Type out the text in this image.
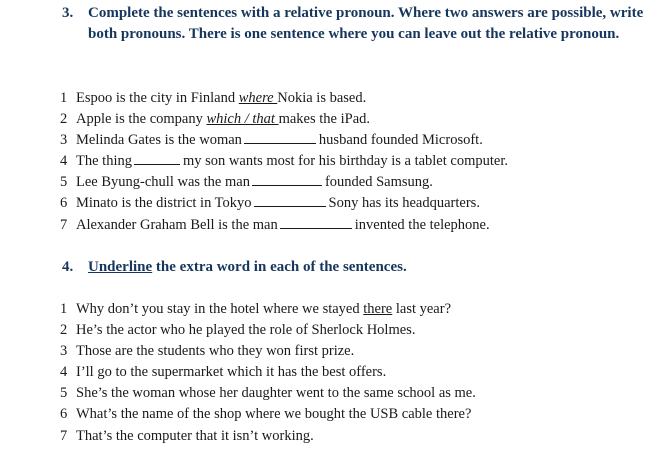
3. Complete the sentences with a relative pronoun. Where two answers are possible, write both pronouns. There is one sentence where you can leave out the relative pronoun.
1 Espoo is the city in Finland where Nokia is based.
2 Apple is the company which / that makes the iPad.
3 Melinda Gates is the woman	husband founded Microsoft.
4 The thing	my son wants most for his birthday is a tablet computer.
5 Lee Byung-chull was the man	founded Samsung.
6 Minato is the district in Tokyo	Sony has its headquarters.
7 Alexander Graham Bell is the man	invented the telephone.
4. Underline the extra word in each of the sentences.
1 Why don’t you stay in the hotel where we stayed there last year?
2 He’s the actor who he played the role of Sherlock Holmes.
3 Those are the students who they won first prize.
4 I’ll go to the supermarket which it has the best offers.
5 She’s the woman whose her daughter went to the same school as me.
6 What’s the name of the shop where we bought the USB cable there?
7 That’s the computer that it isn’t working.
